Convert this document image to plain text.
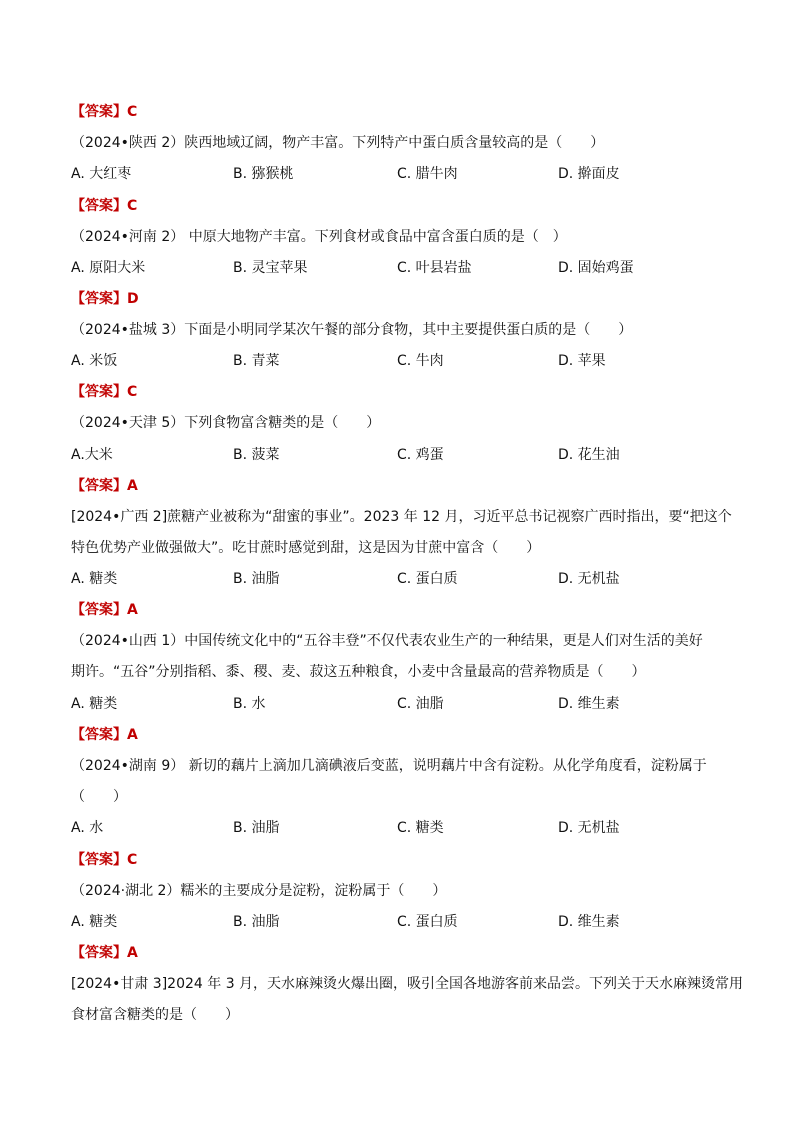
【答案】C
（2024•陕西 2）陕西地域辽阔，物产丰富。下列特产中蛋白质含量较高的是（　　）
A. 大红枣	B. 猕猴桃	C. 腊牛肉	D. 擀面皮
【答案】C
（2024•河南 2） 中原大地物产丰富。下列食材或食品中富含蛋白质的是（　）
A. 原阳大米	B. 灵宝苹果	C. 叶县岩盐	D. 固始鸡蛋
【答案】D
（2024•盐城 3）下面是小明同学某次午餐的部分食物，其中主要提供蛋白质的是（　　）
A. 米饭	B. 青菜	C. 牛肉	D. 苹果
【答案】C
（2024•天津 5）下列食物富含糖类的是（　　）
A.大米	B. 菠菜	C. 鸡蛋	D. 花生油
【答案】A
[2024•广西 2]蔗糖产业被称为“甜蜜的事业”。2023 年 12 月，习近平总书记视察广西时指出，要“把这个
特色优势产业做强做大”。吃甘蔗时感觉到甜，这是因为甘蔗中富含（　　）
A. 糖类	B. 油脂	C. 蛋白质	D. 无机盐
【答案】A
（2024•山西 1）中国传统文化中的“五谷丰登”不仅代表农业生产的一种结果，更是人们对生活的美好
期许。“五谷”分别指稻、黍、稷、麦、菽这五种粮食，小麦中含量最高的营养物质是（　　）
A. 糖类	B. 水	C. 油脂	D. 维生素
【答案】A
（2024•湖南 9） 新切的藕片上滴加几滴碘液后变蓝，说明藕片中含有淀粉。从化学角度看，淀粉属于
（　　）
A. 水	B. 油脂	C. 糖类	D. 无机盐
【答案】C
（2024·湖北 2）糯米的主要成分是淀粉，淀粉属于（　　）
A. 糖类	B. 油脂	C. 蛋白质	D. 维生素
【答案】A
[2024•甘肃 3]2024 年 3 月，天水麻辣烫火爆出圈，吸引全国各地游客前来品尝。下列关于天水麻辣烫常用
食材富含糖类的是（　　）
